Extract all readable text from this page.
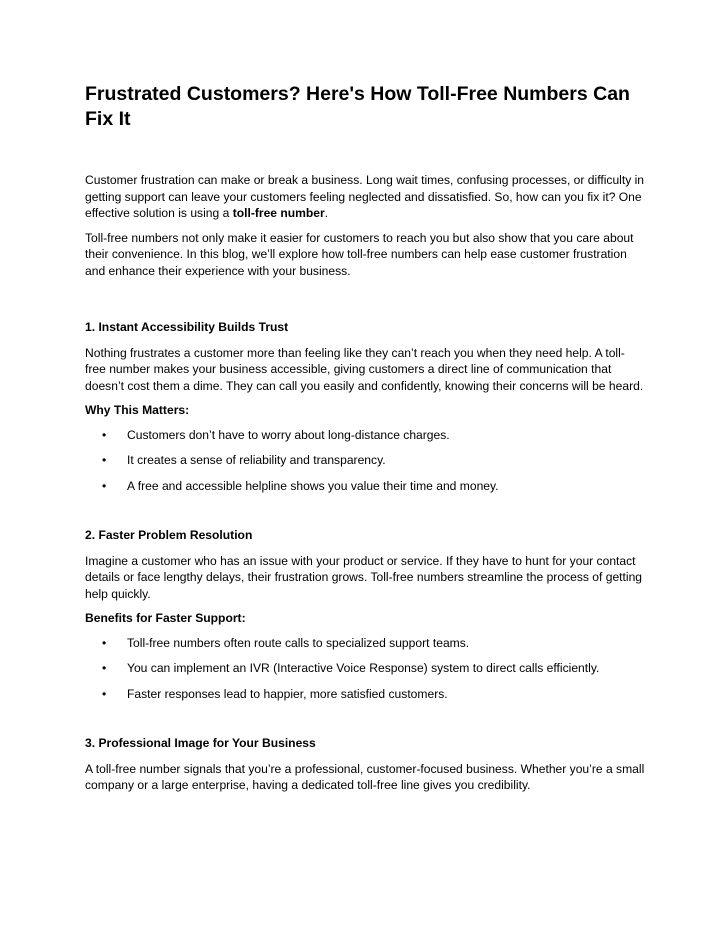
Frustrated Customers? Here's How Toll-Free Numbers Can Fix It

Customer frustration can make or break a business. Long wait times, confusing processes, or difficulty in getting support can leave your customers feeling neglected and dissatisfied. So, how can you fix it? One effective solution is using a toll-free number.

Toll-free numbers not only make it easier for customers to reach you but also show that you care about their convenience. In this blog, we’ll explore how toll-free numbers can help ease customer frustration and enhance their experience with your business.

1. Instant Accessibility Builds Trust

Nothing frustrates a customer more than feeling like they can’t reach you when they need help. A toll-free number makes your business accessible, giving customers a direct line of communication that doesn’t cost them a dime. They can call you easily and confidently, knowing their concerns will be heard.

Why This Matters:

• Customers don’t have to worry about long-distance charges.
• It creates a sense of reliability and transparency.
• A free and accessible helpline shows you value their time and money.
2. Faster Problem Resolution

Imagine a customer who has an issue with your product or service. If they have to hunt for your contact details or face lengthy delays, their frustration grows. Toll-free numbers streamline the process of getting help quickly.

Benefits for Faster Support:

• Toll-free numbers often route calls to specialized support teams.
• You can implement an IVR (Interactive Voice Response) system to direct calls efficiently.
• Faster responses lead to happier, more satisfied customers.
3. Professional Image for Your Business

A toll-free number signals that you’re a professional, customer-focused business. Whether you’re a small company or a large enterprise, having a dedicated toll-free line gives you credibility.
